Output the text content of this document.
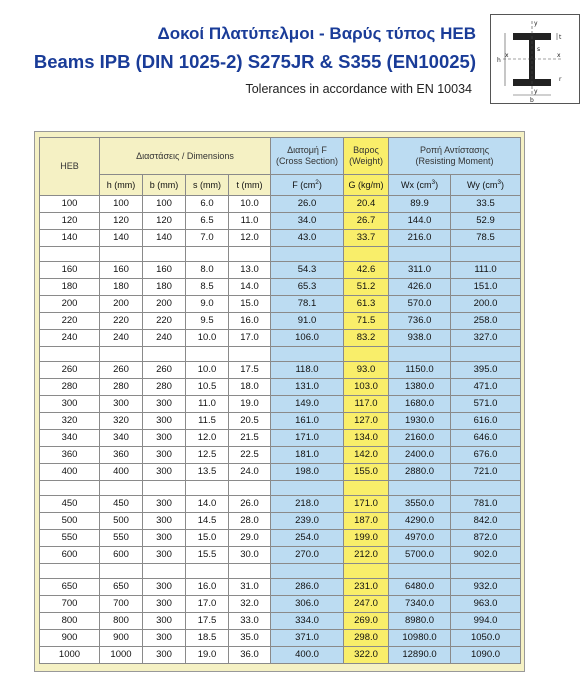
Δοκοί Πλατύπελμοι - Βαρύς τύπος HEB
Beams IPB (DIN 1025-2) S275JR & S355 (EN10025)
Tolerances in accordance with EN 10034
y
t
s
x	x
h
r
y
b
HEB	Διαστάσεις / Dimensions				Διατομή F
(Cross Section)	Βαρος
(Weight)	Ροπή Αντίστασης
(Resisting Moment)	
	h (mm)	b (mm)	s (mm)	t (mm)	F $(cm^2)$	G (kg/m)	Wx $(cm^3)$	Wy $(cm^3)$
100	100	100	6.0	10.0	26.0	20.4	89.9	33.5
120	120	120	6.5	11.0	34.0	26.7	144.0	52.9
140	140	140	7.0	12.0	43.0	33.7	216.0	78.5

160	160	160	8.0	13.0	54.3	42.6	311.0	111.0
180	180	180	8.5	14.0	65.3	51.2	426.0	151.0
200	200	200	9.0	15.0	78.1	61.3	570.0	200.0
220	220	220	9.5	16.0	91.0	71.5	736.0	258.0
240	240	240	10.0	17.0	106.0	83.2	938.0	327.0

260	260	260	10.0	17.5	118.0	93.0	1150.0	395.0
280	280	280	10.5	18.0	131.0	103.0	1380.0	471.0
300	300	300	11.0	19.0	149.0	117.0	1680.0	571.0
320	320	300	11.5	20.5	161.0	127.0	1930.0	616.0
340	340	300	12.0	21.5	171.0	134.0	2160.0	646.0
360	360	300	12.5	22.5	181.0	142.0	2400.0	676.0
400	400	300	13.5	24.0	198.0	155.0	2880.0	721.0

450	450	300	14.0	26.0	218.0	171.0	3550.0	781.0
500	500	300	14.5	28.0	239.0	187.0	4290.0	842.0
550	550	300	15.0	29.0	254.0	199.0	4970.0	872.0
600	600	300	15.5	30.0	270.0	212.0	5700.0	902.0

650	650	300	16.0	31.0	286.0	231.0	6480.0	932.0
700	700	300	17.0	32.0	306.0	247.0	7340.0	963.0
800	800	300	17.5	33.0	334.0	269.0	8980.0	994.0
900	900	300	18.5	35.0	371.0	298.0	10980.0	1050.0
1000	1000	300	19.0	36.0	400.0	322.0	12890.0	1090.0
